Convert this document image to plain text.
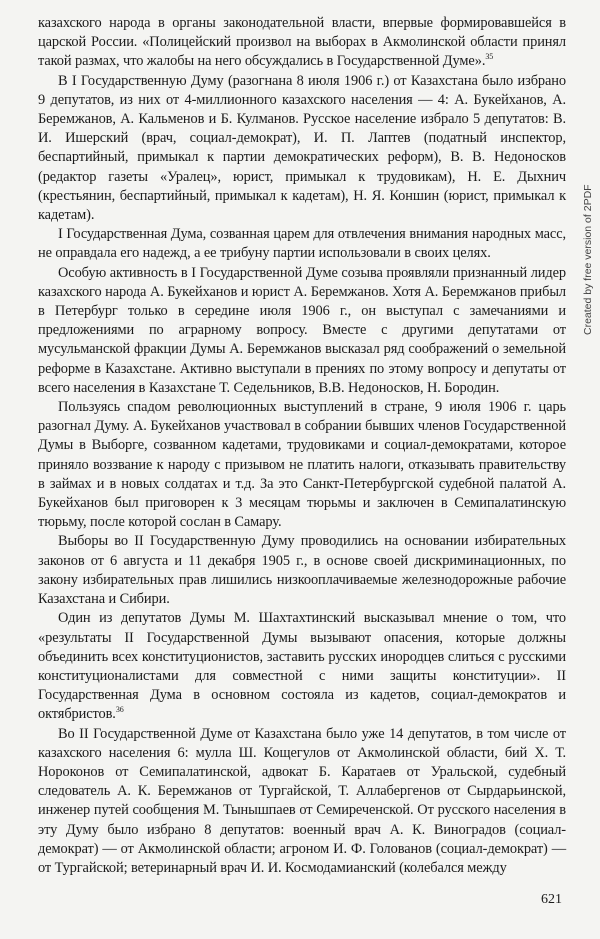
казахского народа в органы законодательной власти, впервые формировавшейся в царской России. «Полицейский произвол на выборах в Акмолинской области принял такой размах, что жалобы на него обсуждались в Государственной Думе».$^{35}$

В I Государственную Думу (разогнана 8 июля 1906 г.) от Казахстана было избрано 9 депутатов, из них от 4-миллионного казахского населения — 4: А. Букейханов, А. Беремжанов, А. Кальменов и Б. Кулманов. Русское население избрало 5 депутатов: В. И. Ишерский (врач, социал-демократ), И. П. Лаптев (податный инспектор, беспартийный, примыкал к партии демократических реформ), В. В. Недоносков (редактор газеты «Уралец», юрист, примыкал к трудовикам), Н. Е. Дыхнич (крестьянин, беспартийный, примыкал к кадетам), Н. Я. Коншин (юрист, примыкал к кадетам).

I Государственная Дума, созванная царем для отвлечения внимания народных масс, не оправдала его надежд, а ее трибуну партии использовали в своих целях.

Особую активность в I Государственной Думе созыва проявляли признанный лидер казахского народа А. Букейханов и юрист А. Беремжанов. Хотя А. Беремжанов прибыл в Петербург только в середине июля 1906 г., он выступал с замечаниями и предложениями по аграрному вопросу. Вместе с другими депутатами от мусульманской фракции Думы А. Беремжанов высказал ряд соображений о земельной реформе в Казахстане. Активно выступали в прениях по этому вопросу и депутаты от всего населения в Казахстане Т. Седельников, В.В. Недоносков, Н. Бородин.

Пользуясь спадом революционных выступлений в стране, 9 июля 1906 г. царь разогнал Думу. А. Букейханов участвовал в собрании бывших членов Государственной Думы в Выборге, созванном кадетами, трудовиками и социал-демократами, которое приняло воззвание к народу с призывом не платить налоги, отказывать правительству в займах и в новых солдатах и т.д. За это Санкт-Петербургской судебной палатой А. Букейханов был приговорен к 3 месяцам тюрьмы и заключен в Семипалатинскую тюрьму, после которой сослан в Самару.

Выборы во II Государственную Думу проводились на основании избирательных законов от 6 августа и 11 декабря 1905 г., в основе своей дискриминационных, по закону избирательных прав лишились низкооплачиваемые железнодорожные рабочие Казахстана и Сибири.

Один из депутатов Думы М. Шахтахтинский высказывал мнение о том, что «результаты II Государственной Думы вызывают опасения, которые должны объединить всех конституционистов, заставить русских инородцев слиться с русскими конституционалистами для совместной с ними защиты конституции». II Государственная Дума в основном состояла из кадетов, социал-демократов и октябристов.$^{36}$

Во II Государственной Думе от Казахстана было уже 14 депутатов, в том числе от казахского населения 6: мулла Ш. Кощегулов от Акмолинской области, бий Х. Т. Нороконов от Семипалатинской, адвокат Б. Каратаев от Уральской, судебный следователь А. К. Беремжанов от Тургайской, Т. Аллабергенов от Сырдарьинской, инженер путей сообщения М. Тынышпаев от Семиреченской. От русского населения в эту Думу было избрано 8 депутатов: военный врач А. К. Виноградов (социал-демократ) — от Акмолинской области; агроном И. Ф. Голованов (социал-демократ) — от Тургайской; ветеринарный врач И. И. Космодамианский (колебался между

621
Created by free version of 2PDF
